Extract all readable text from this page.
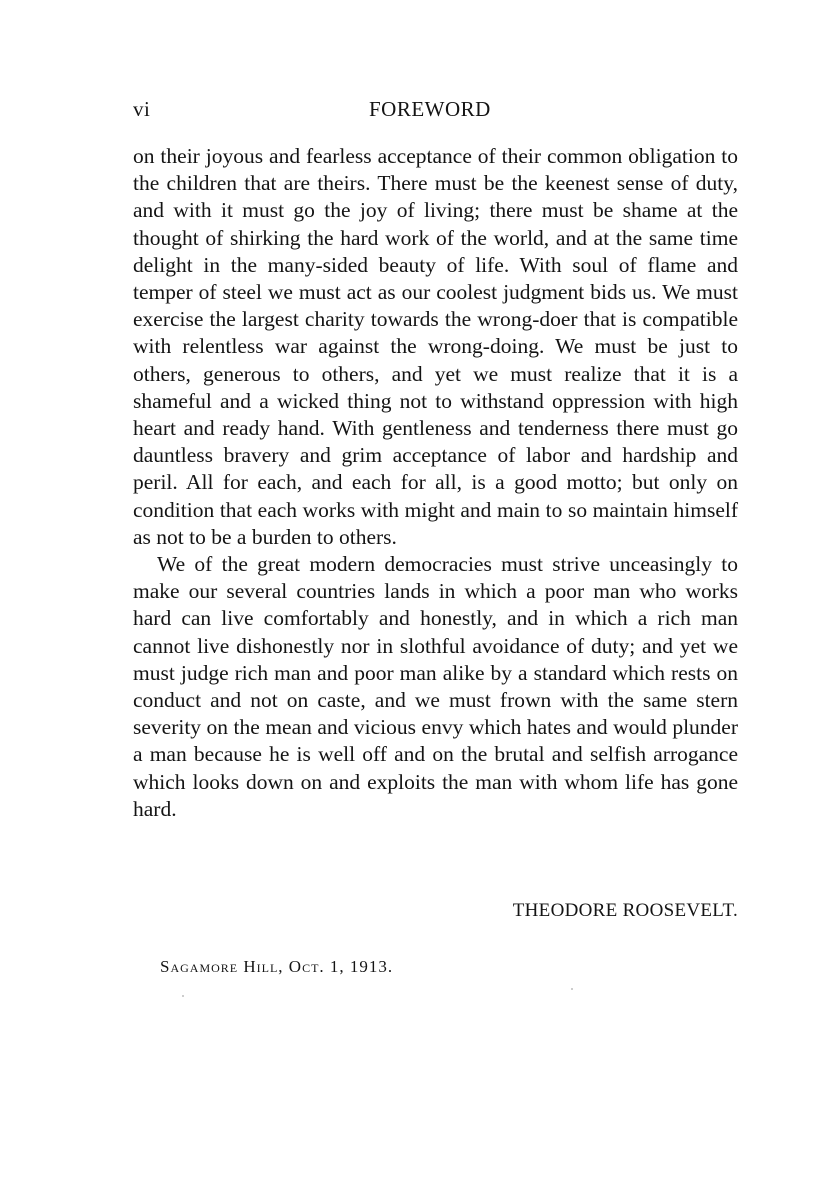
vi	FOREWORD

on their joyous and fearless acceptance of their common obligation to the children that are theirs. There must be the keenest sense of duty, and with it must go the joy of living; there must be shame at the thought of shirking the hard work of the world, and at the same time delight in the many-sided beauty of life. With soul of flame and temper of steel we must act as our coolest judgment bids us. We must exercise the largest charity towards the wrong-doer that is compatible with relentless war against the wrong-doing. We must be just to others, generous to others, and yet we must realize that it is a shameful and a wicked thing not to withstand oppression with high heart and ready hand. With gentleness and tenderness there must go dauntless bravery and grim acceptance of labor and hardship and peril. All for each, and each for all, is a good motto; but only on condition that each works with might and main to so maintain himself as not to be a burden to others.

We of the great modern democracies must strive unceasingly to make our several countries lands in which a poor man who works hard can live comfortably and honestly, and in which a rich man cannot live dishonestly nor in slothful avoidance of duty; and yet we must judge rich man and poor man alike by a standard which rests on conduct and not on caste, and we must frown with the same stern severity on the mean and vicious envy which hates and would plunder a man because he is well off and on the brutal and selfish arrogance which looks down on and exploits the man with whom life has gone hard.

THEODORE ROOSEVELT.
Sagamore Hill, Oct. 1, 1913.
